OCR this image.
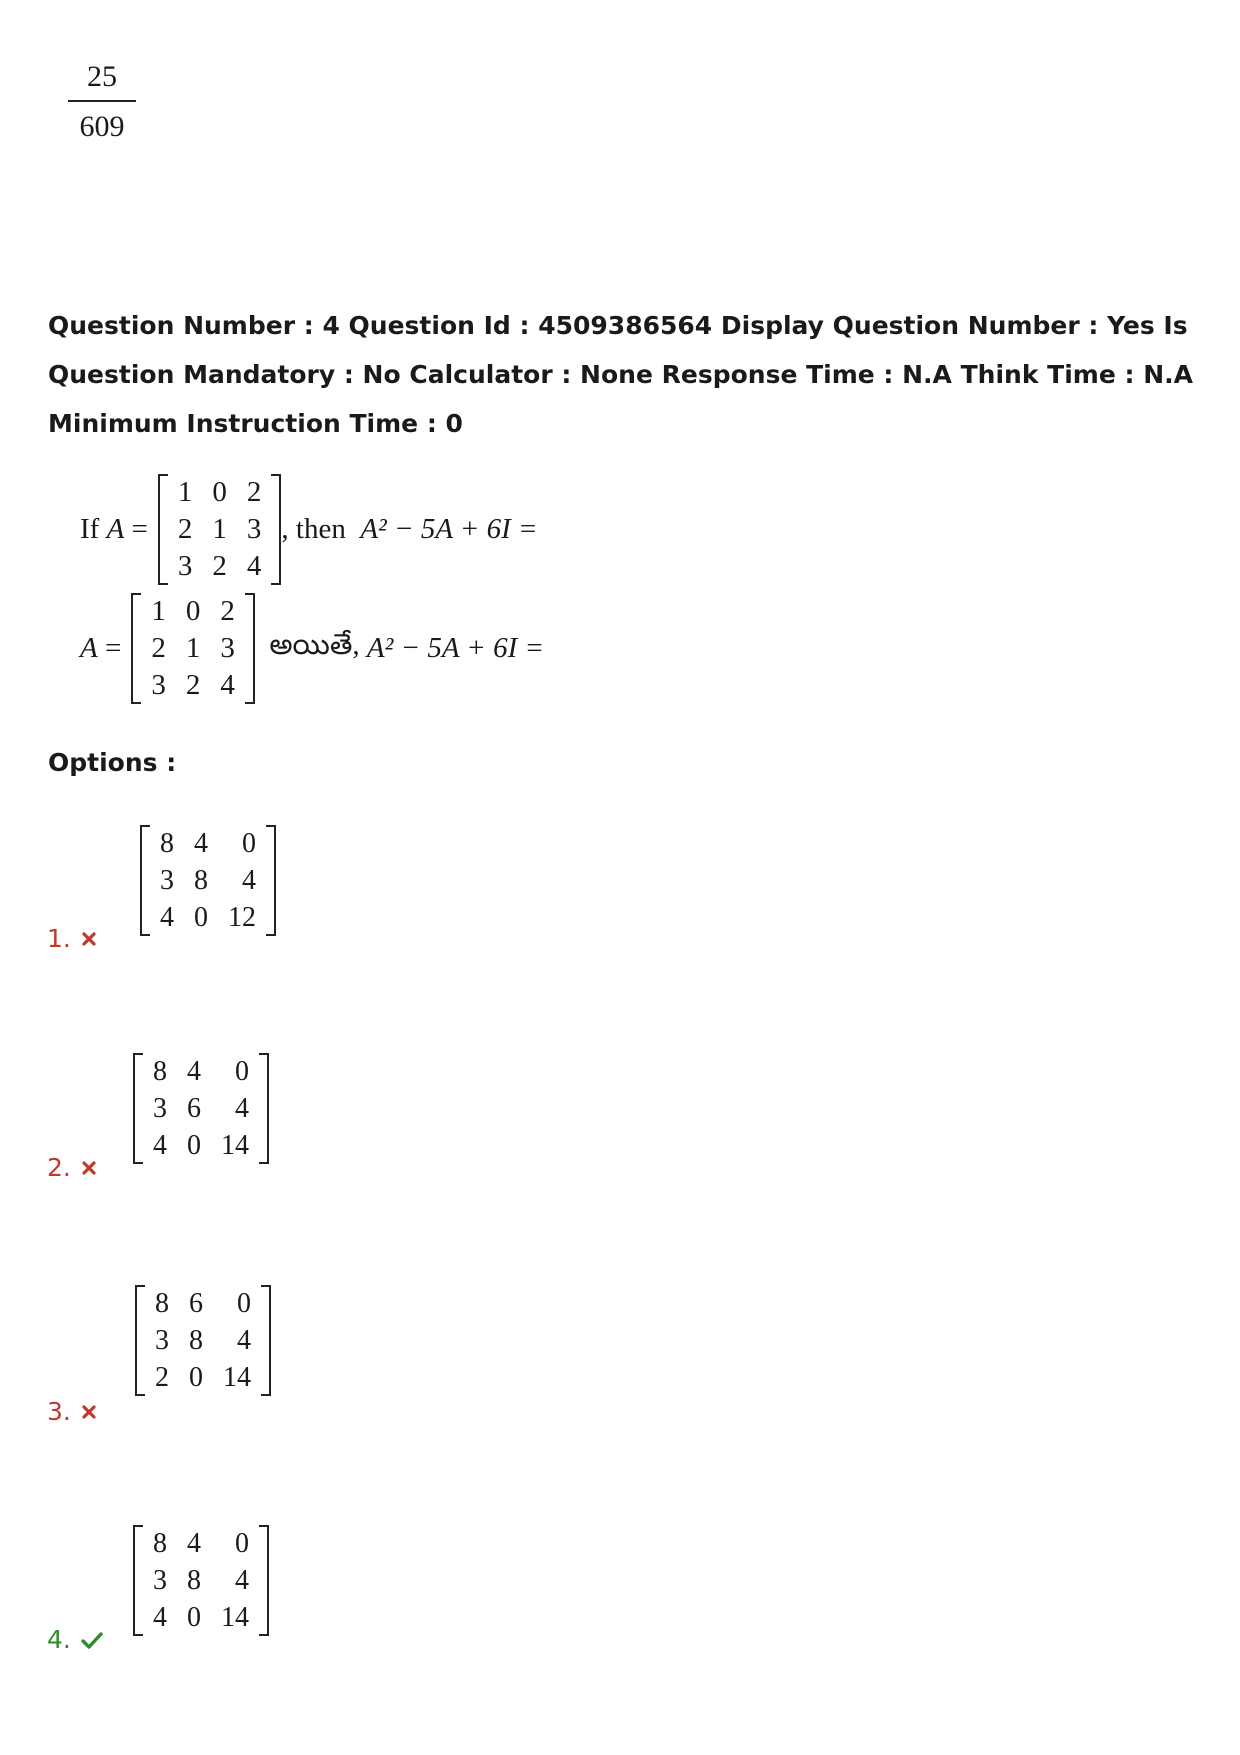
25
609
Question Number : 4 Question Id : 4509386564 Display Question Number : Yes Is Question Mandatory : No Calculator : None Response Time : N.A Think Time : N.A Minimum Instruction Time : 0
If
A
=
1	0	2
2	1	3
3	2	4
, then
A² − 5A + 6I =
A
=
1	0	2
2	1	3
3	2	4

అయితే,
A² − 5A + 6I =
Options :
8	4	0
3	8	4
4	0	12
1.
8	4	0
3	6	4
4	0	14
2.
8	6	0
3	8	4
2	0	14
3.
8	4	0
3	8	4
4	0	14
4.
